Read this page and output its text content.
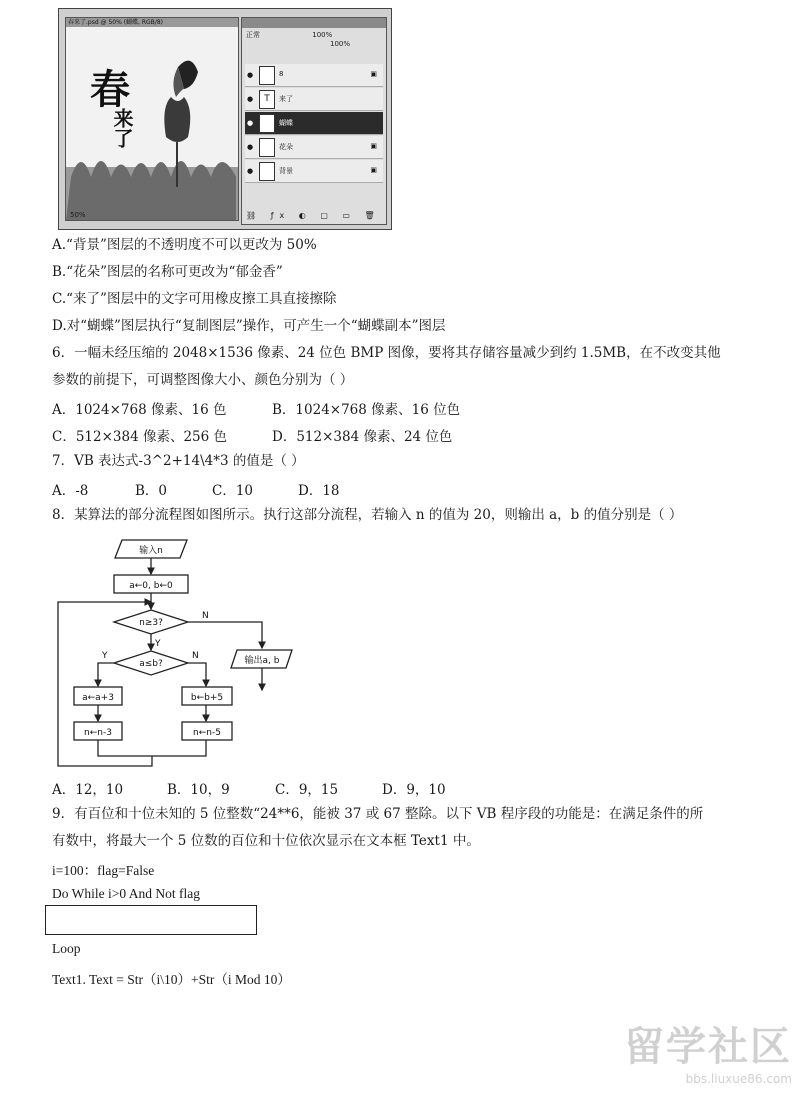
春来了.psd @ 50% (蝴蝶, RGB/8)
春
来了
50%
正常	100%
100%
●	8	▣
●	T	来了
●	蝴蝶
●	花朵	▣
●	背景	▣
⛓ ƒx ◐ ▢ ▭ 🗑
A.“背景”图层的不透明度不可以更改为 50%
B.“花朵”图层的名称可更改为“郁金香”
C.“来了”图层中的文字可用橡皮擦工具直接擦除
D.对“蝴蝶”图层执行“复制图层”操作，可产生一个“蝴蝶副本”图层
6．一幅未经压缩的 2048×1536 像素、24 位色 BMP 图像，要将其存储容量减少到约 1.5MB，在不改变其他
参数的前提下，可调整图像大小、颜色分别为（ ）
A．1024×768 像素、16 色	B．1024×768 像素、16 位色
C．512×384 像素、256 色	D．512×384 像素、24 位色
7．VB 表达式-3^2+14\4*3 的值是（ ）
A．-8	B．0	C．10	D．18
8．某算法的部分流程图如图所示。执行这部分流程，若输入 n 的值为 20，则输出 a，b 的值分别是（ ）
输入n
a←0, b←0
n≥3?
a≤b?	输出a, b
a←a+3	b←b+5
n←n-3	n←n-5
N
Y
Y	N
A．12，10	B．10，9	C．9，15	D．9，10
9．有百位和十位未知的 5 位整数“24**6，能被 37 或 67 整除。以下 VB 程序段的功能是：在满足条件的所
有数中，将最大一个 5 位数的百位和十位依次显示在文本框 Text1 中。
i=100：flag=False
Do While i>0 And Not flag
Loop
Text1. Text = Str（i\10）+Str（i Mod 10）
留学社区
bbs.liuxue86.com
